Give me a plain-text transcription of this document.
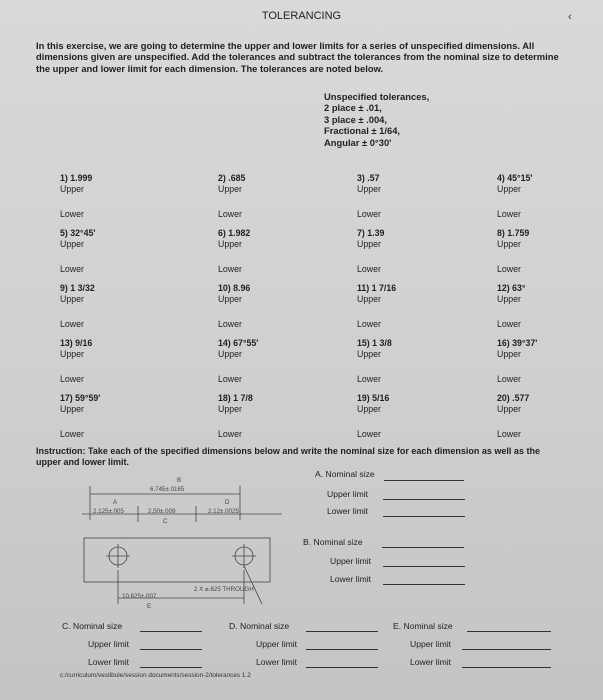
TOLERANCING	‹
In this exercise, we are going to determine the upper and lower limits for a series of unspecified dimensions. All dimensions given are unspecified. Add the tolerances and subtract the tolerances from the nominal size to determine the upper and lower limit for each dimension. The tolerances are noted below.
Unspecified tolerances,
2 place ± .01,
3 place ± .004,
Fractional ± 1/64,
Angular ± 0°30'
1) 1.999
Upper
Lower
2) .685
Upper
Lower
3) .57
Upper
Lower
4) 45°15'
Upper
Lower
5) 32°45'
Upper
Lower
6) 1.982
Upper
Lower
7) 1.39
Upper
Lower
8) 1.759
Upper
Lower
9) 1 3/32
Upper
Lower
10) 8.96
Upper
Lower
11) 1 7/16
Upper
Lower
12) 63°
Upper
Lower
13) 9/16
Upper
Lower
14) 67°55'
Upper
Lower
15) 1 3/8
Upper
Lower
16) 39°37'
Upper
Lower
17) 59°59'
Upper
Lower
18) 1 7/8
Upper
Lower
19) 5/16
Upper
Lower
20) .577
Upper
Lower
Instruction: Take each of the specified dimensions below and write the nominal size for each dimension as well as the upper and lower limit.
B
6.745±.0165
A
2.125±.005	2.50±.009
C
D
2.12±.0025
10.625±.007
E
2 X ⌀.625 THROUGH
A. Nominal size
Upper limit
Lower limit
B. Nominal size
Upper limit
Lower limit
C. Nominal size
Upper limit
Lower limit
D. Nominal size
Upper limit
Lower limit
E. Nominal size
Upper limit
Lower limit
c:/curriculum/vestibule/session documents/session-2/tolerances 1.2
